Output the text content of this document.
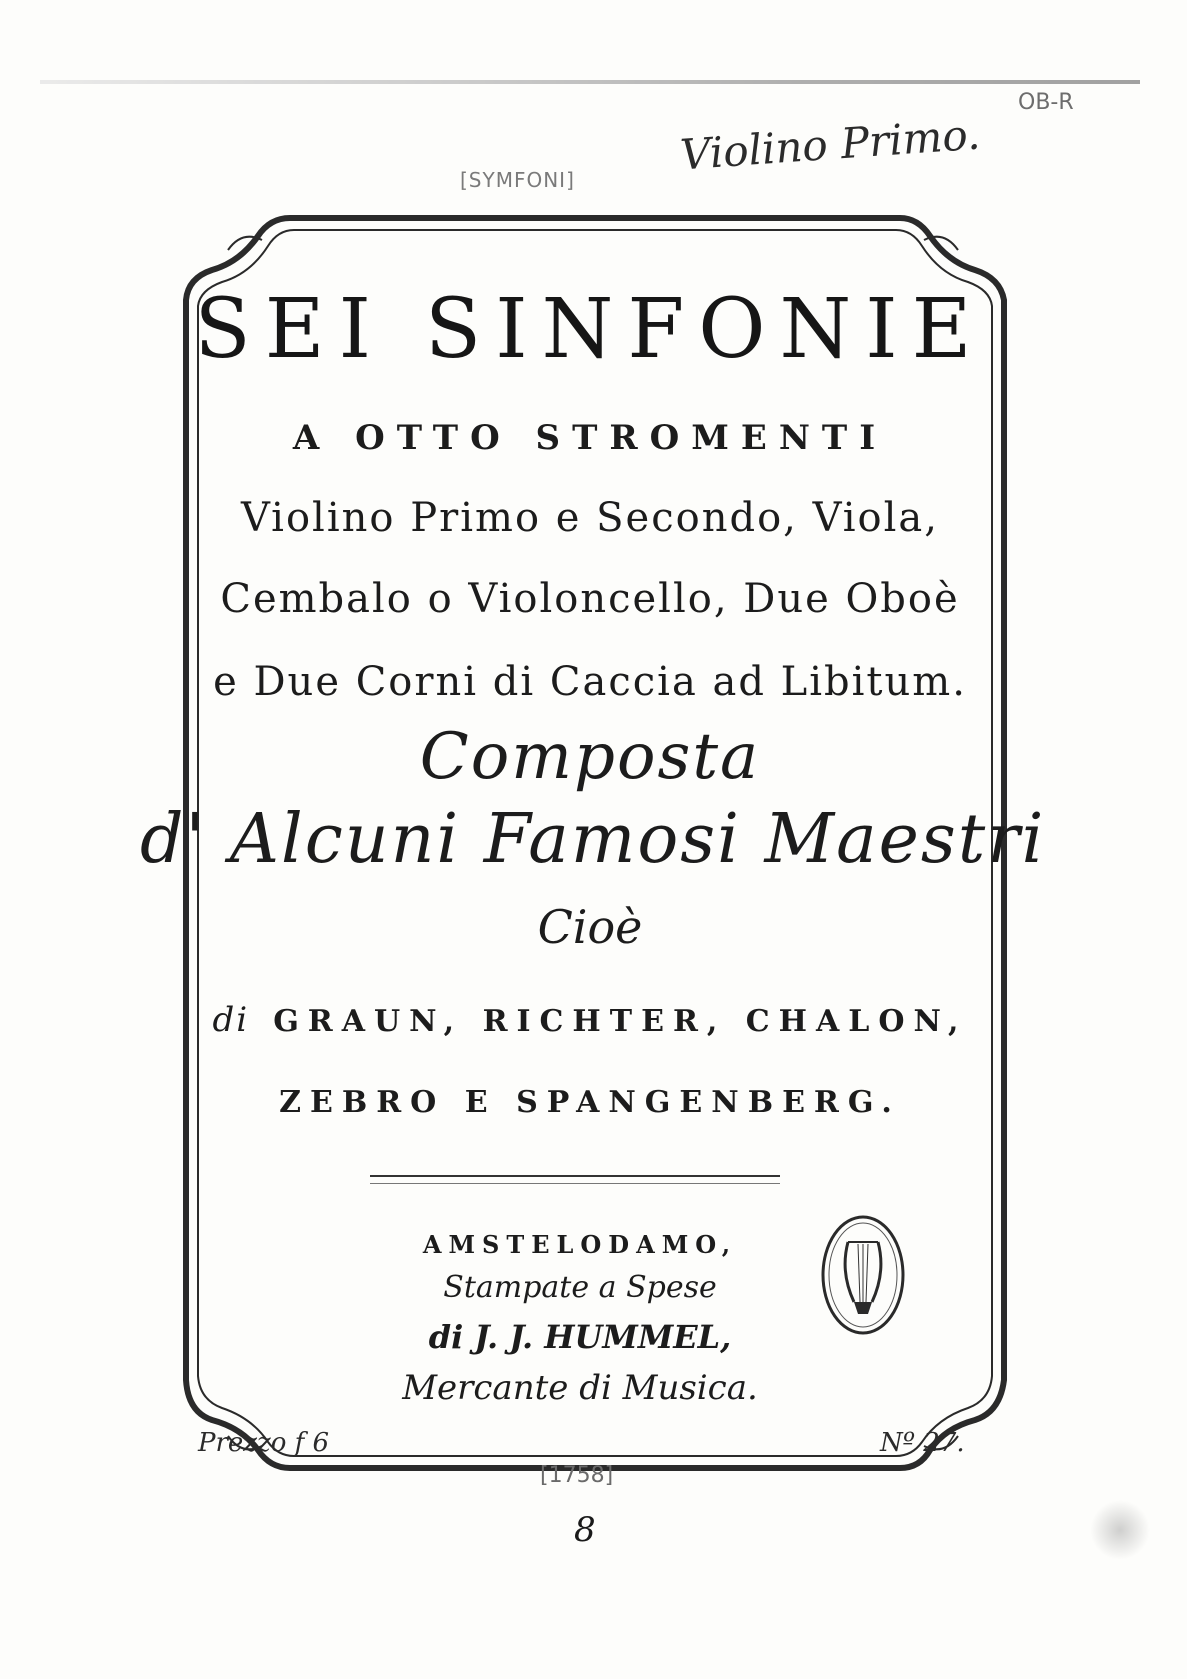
Violino Primo.
OB-R
[SYMFONI]
SEI SINFONIE
A OTTO STROMENTI
Violino Primo e Secondo, Viola,
Cembalo o Violoncello, Due Oboè
e Due Corni di Caccia ad Libitum.
Composta
d' Alcuni Famosi Maestri
Cioè
di GRAUN, RICHTER, CHALON,
ZEBRO E SPANGENBERG.
AMSTELODAMO,
Stampate a Spese
di J. J. HUMMEL,
Mercante di Musica.
Prezzo f 6 _	Nº 27.
[1758]
8
